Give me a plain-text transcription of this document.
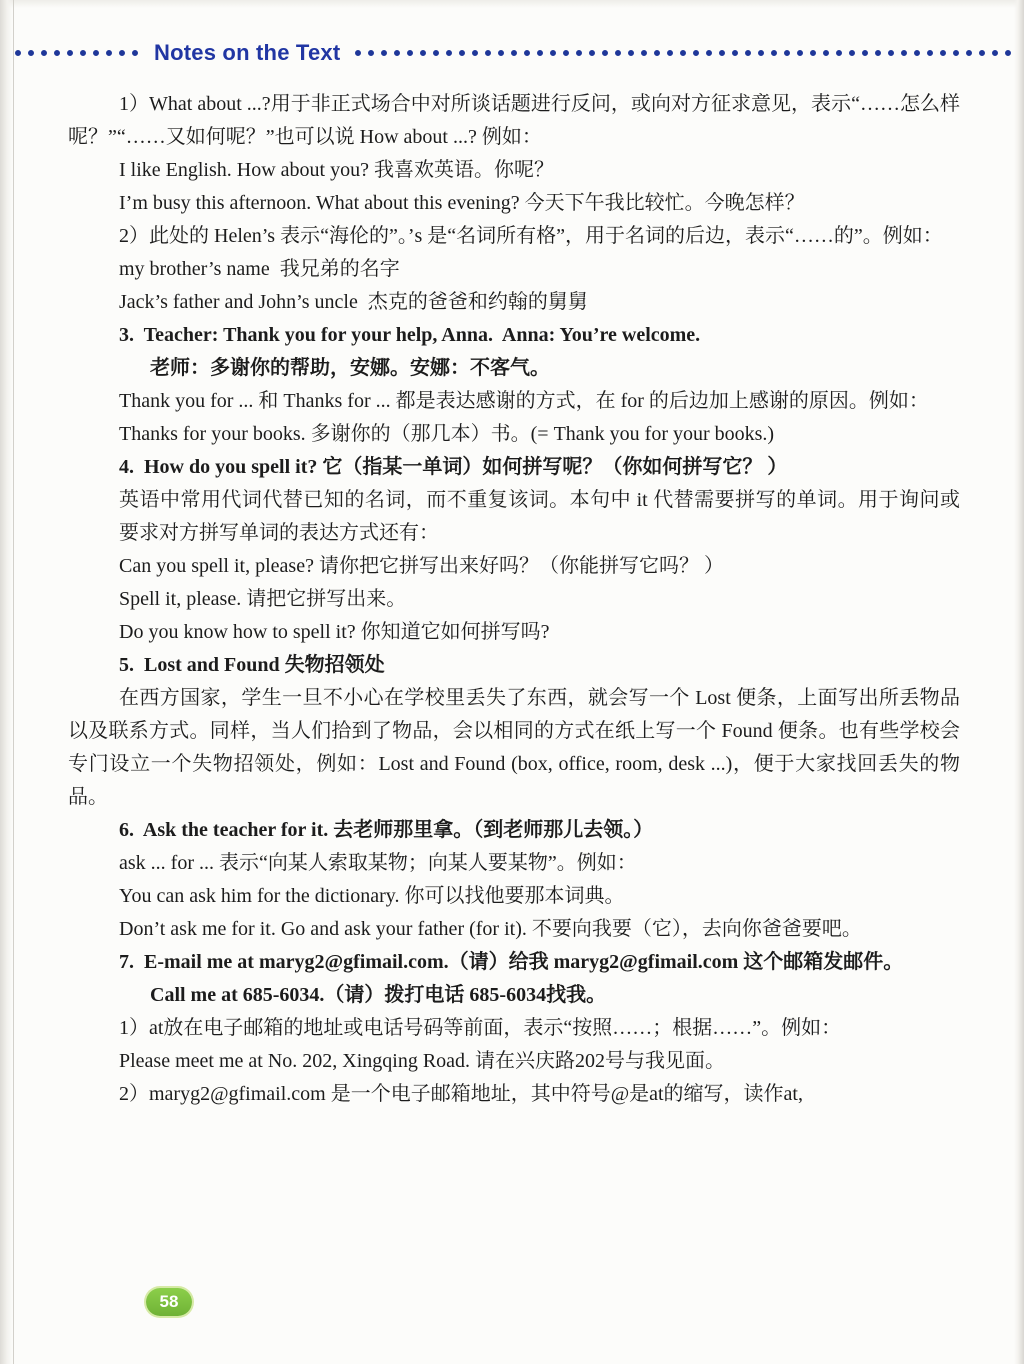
Notes on the Text

1）What about ...?用于非正式场合中对所谈话题进行反问，或向对方征求意见，表示“……怎么样呢？”“……又如何呢？”也可以说 How about ...? 例如：

I like English. How about you? 我喜欢英语。你呢？

I’m busy this afternoon. What about this evening? 今天下午我比较忙。今晚怎样？

2）此处的 Helen’s 表示“海伦的”。’s 是“名词所有格”，用于名词的后边，表示“……的”。例如：

my brother’s name  我兄弟的名字

Jack’s father and John’s uncle  杰克的爸爸和约翰的舅舅

3.  Teacher: Thank you for your help, Anna.  Anna: You’re welcome.

老师：多谢你的帮助，安娜。安娜：不客气。

Thank you for ... 和 Thanks for ... 都是表达感谢的方式，在 for 的后边加上感谢的原因。例如：

Thanks for your books. 多谢你的（那几本）书。(= Thank you for your books.)

4.  How do you spell it? 它（指某一单词）如何拼写呢？（你如何拼写它？ ）

英语中常用代词代替已知的名词，而不重复该词。本句中 it 代替需要拼写的单词。用于询问或要求对方拼写单词的表达方式还有：

Can you spell it, please? 请你把它拼写出来好吗？（你能拼写它吗？ ）

Spell it, please. 请把它拼写出来。

Do you know how to spell it? 你知道它如何拼写吗?

5.  Lost and Found 失物招领处

在西方国家，学生一旦不小心在学校里丢失了东西，就会写一个 Lost 便条，上面写出所丢物品以及联系方式。同样，当人们拾到了物品，会以相同的方式在纸上写一个 Found 便条。也有些学校会专门设立一个失物招领处，例如：Lost and Found (box, office, room, desk ...)，便于大家找回丢失的物品。

6.  Ask the teacher for it. 去老师那里拿。（到老师那儿去领。）

ask ... for ... 表示“向某人索取某物；向某人要某物”。例如：

You can ask him for the dictionary. 你可以找他要那本词典。

Don’t ask me for it. Go and ask your father (for it). 不要向我要（它），去向你爸爸要吧。

7.  E-mail me at maryg2@gfimail.com.（请）给我 maryg2@gfimail.com 这个邮箱发邮件。

Call me at 685-6034.（请）拨打电话 685-6034找我。

1）at放在电子邮箱的地址或电话号码等前面，表示“按照……；根据……”。例如：

Please meet me at No. 202, Xingqing Road. 请在兴庆路202号与我见面。

2）maryg2@gfimail.com 是一个电子邮箱地址，其中符号@是at的缩写，读作at,

58
